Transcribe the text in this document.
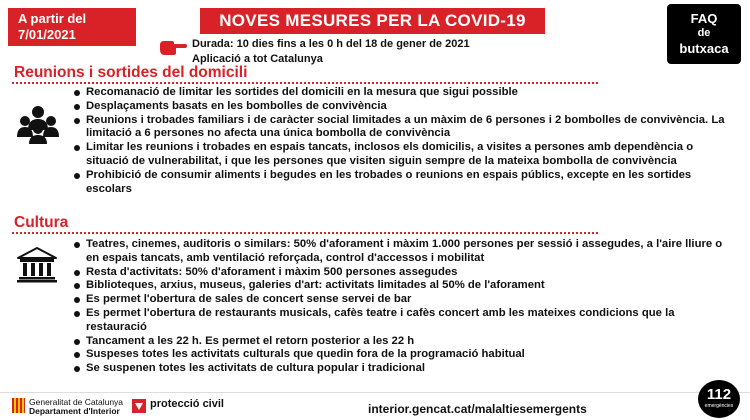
A partir del
7/01/2021
NOVES MESURES PER LA COVID-19	FAQ
de
butxaca
Durada: 10 dies fins a les 0 h del 18 de gener de 2021
Aplicació a tot Catalunya
Reunions i sortides del domicili
Recomanació de limitar les sortides del domicili en la mesura que sigui possible
Desplaçaments basats en les bombolles de convivència
Reunions i trobades familiars i de caràcter social limitades a un màxim de 6 persones i 2 bombolles de convivència. La limitació a 6 persones no afecta una única bombolla de convivència
Limitar les reunions i trobades en espais tancats, inclosos els domicilis, a visites a persones amb dependència o situació de vulnerabilitat, i que les persones que visiten siguin sempre de la mateixa bombolla de convivència
Prohibició de consumir aliments i begudes en les trobades o reunions en espais públics, excepte en les sortides escolars
Cultura
Teatres, cinemes, auditoris o similars: 50% d'aforament i màxim 1.000 persones per sessió i assegudes, a l'aire lliure o en espais tancats, amb ventilació reforçada, control d'accessos i mobilitat
Resta d'activitats: 50% d'aforament i màxim 500 persones assegudes
Biblioteques, arxius, museus, galeries d'art: activitats limitades al 50% de l'aforament
Es permet l'obertura de sales de concert sense servei de bar
Es permet l'obertura de restaurants musicals, cafès teatre i cafès concert amb les mateixes condicions que la restauració
Tancament a les 22 h. Es permet el retorn posterior a les 22 h
Suspeses totes les activitats culturals que quedin fora de la programació habitual
Se suspenen totes les activitats de cultura popular i tradicional
Generalitat de Catalunya
Departament d'Interior
protecció civil	interior.gencat.cat/malaltiesemergents
112
emergències
